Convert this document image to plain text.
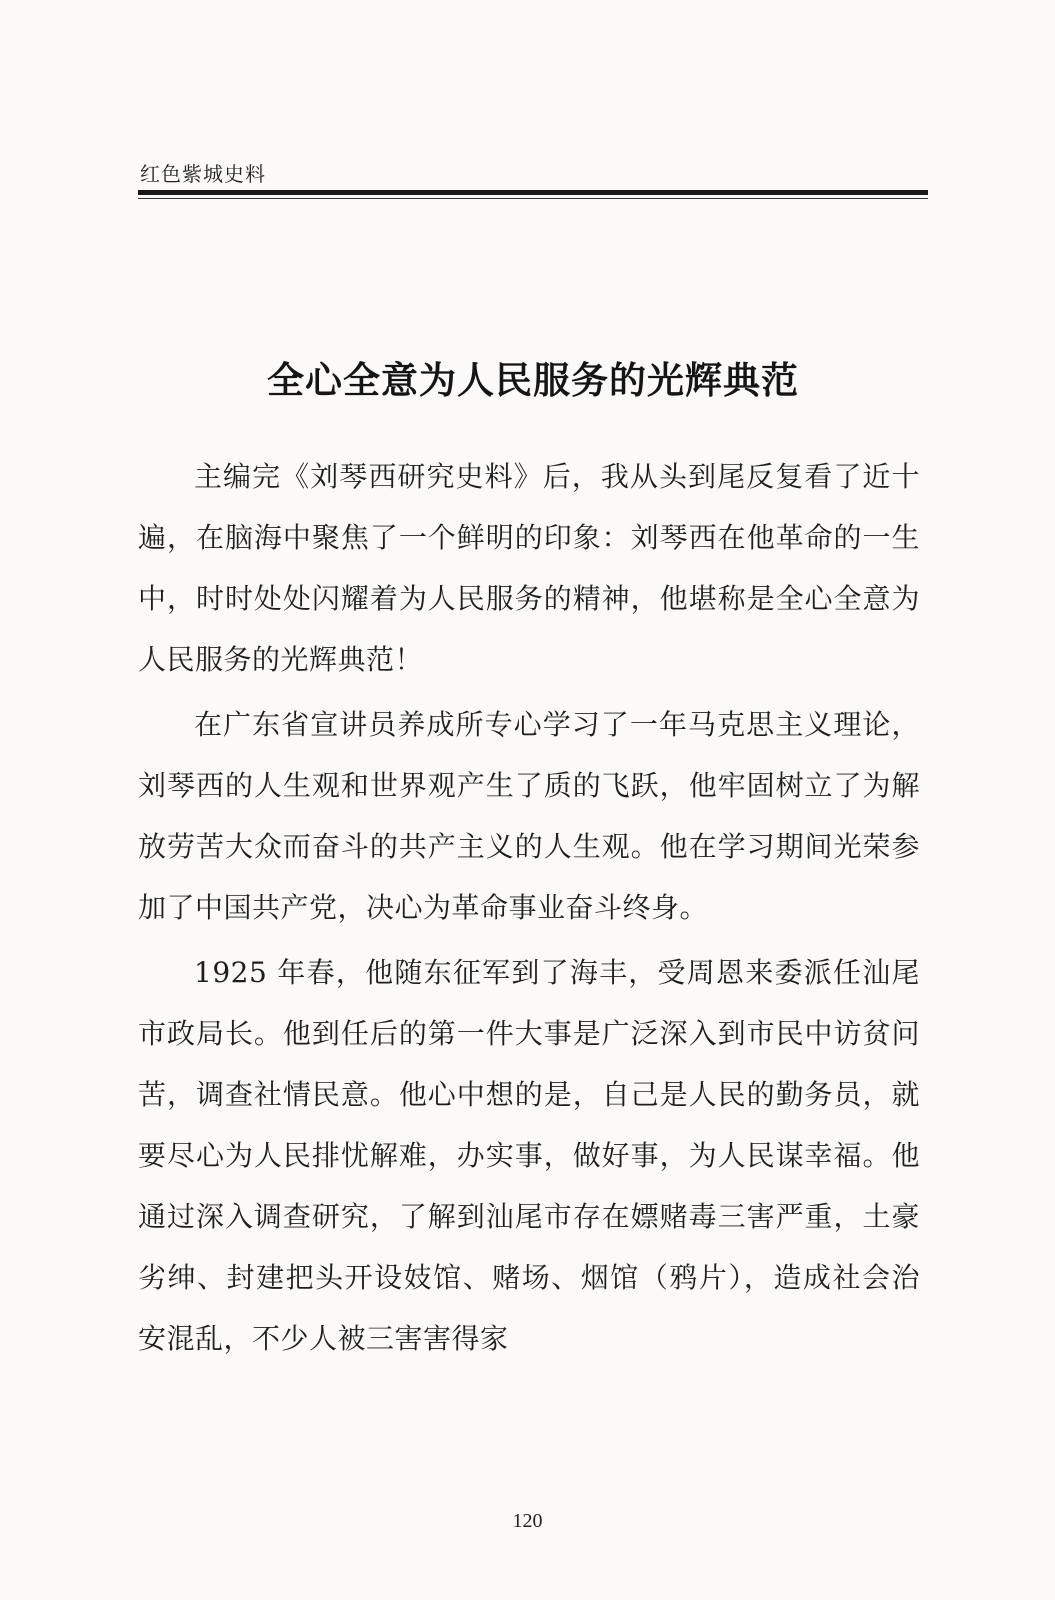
红色紫城史料
全心全意为人民服务的光辉典范

主编完《刘琴西研究史料》后，我从头到尾反复看了近十遍，在脑海中聚焦了一个鲜明的印象：刘琴西在他革命的一生中，时时处处闪耀着为人民服务的精神，他堪称是全心全意为人民服务的光辉典范！

在广东省宣讲员养成所专心学习了一年马克思主义理论，刘琴西的人生观和世界观产生了质的飞跃，他牢固树立了为解放劳苦大众而奋斗的共产主义的人生观。他在学习期间光荣参加了中国共产党，决心为革命事业奋斗终身。

1925 年春，他随东征军到了海丰，受周恩来委派任汕尾市政局长。他到任后的第一件大事是广泛深入到市民中访贫问苦，调查社情民意。他心中想的是，自己是人民的勤务员，就要尽心为人民排忧解难，办实事，做好事，为人民谋幸福。他通过深入调查研究，了解到汕尾市存在嫖赌毒三害严重，土豪劣绅、封建把头开设妓馆、赌场、烟馆（鸦片），造成社会治安混乱，不少人被三害害得家

120
